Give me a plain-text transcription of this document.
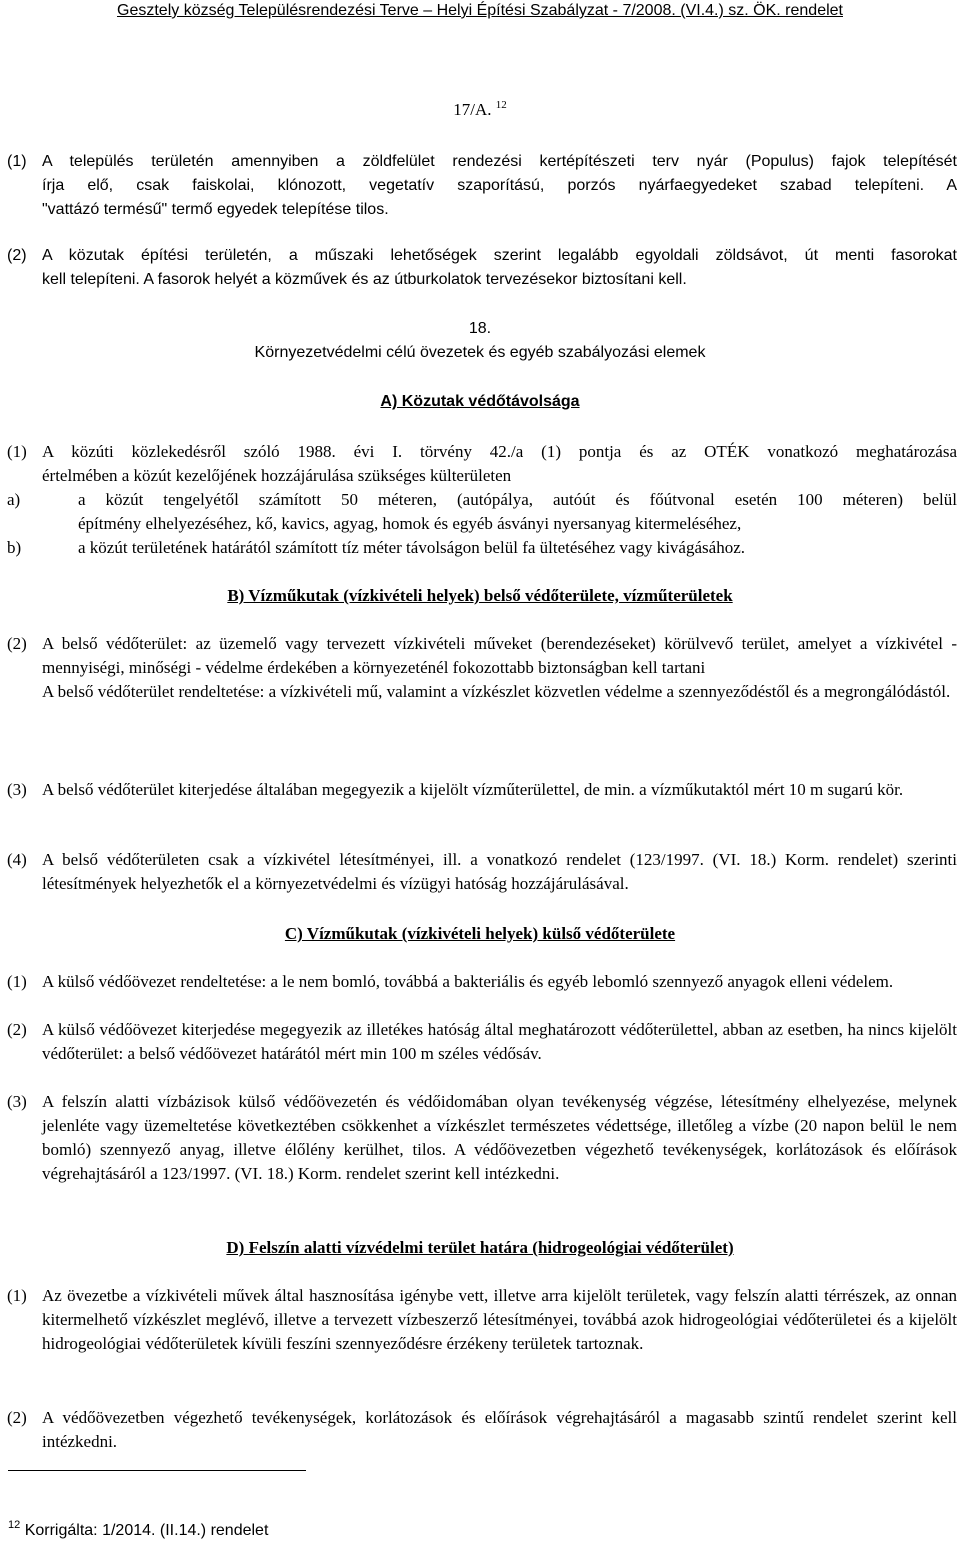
Gesztely község Településrendezési Terve – Helyi Építési Szabályzat - 7/2008. (VI.4.) sz. ÖK. rendelet
17/A. $^{12}$
(1) A település területén amennyiben a zöldfelület rendezési kertépítészeti terv nyár (Populus) fajok telepítését

írja elő, csak faiskolai, klónozott, vegetatív szaporítású, porzós nyárfaegyedeket szabad telepíteni. A

"vattázó termésű" termő egyedek telepítése tilos.

(2) A közutak építési területén, a műszaki lehetőségek szerint legalább egyoldali zöldsávot, út menti fasorokat

kell telepíteni. A fasorok helyét a közművek és az útburkolatok tervezésekor biztosítani kell.

18.
Környezetvédelmi célú övezetek és egyéb szabályozási elemek
A) Közutak védőtávolsága
(1) A közúti közlekedésről szóló 1988. évi I. törvény 42./a (1) pontja és az OTÉK vonatkozó meghatározása

értelmében a közút kezelőjének hozzájárulása szükséges külterületen

a)	a közút tengelyétől számított 50 méteren, (autópálya, autóút és főútvonal esetén 100 méteren) belül

építmény elhelyezéséhez, kő, kavics, agyag, homok és egyéb ásványi nyersanyag kitermeléséhez,

b)	a közút területének határától számított tíz méter távolságon belül fa ültetéséhez vagy kivágásához.

B) Vízműkutak (vízkivételi helyek) belső védőterülete, vízműterületek
(2) A belső védőterület: az üzemelő vagy tervezett vízkivételi műveket (berendezéseket) körülvevő terület, amelyet a vízkivétel - mennyiségi, minőségi - védelme érdekében a környezeténél fokozottabb biztonságban kell tartani

A belső védőterület rendeltetése: a vízkivételi mű, valamint a vízkészlet közvetlen védelme a szennyeződéstől és a megrongálódástól.

(3) A belső védőterület kiterjedése általában megegyezik a kijelölt vízműterülettel, de min. a vízműkutaktól mért 10 m sugarú kör.
(4) A belső védőterületen csak a vízkivétel létesítményei, ill. a vonatkozó rendelet (123/1997. (VI. 18.) Korm. rendelet) szerinti létesítmények helyezhetők el a környezetvédelmi és vízügyi hatóság hozzájárulásával.
C) Vízműkutak (vízkivételi helyek) külső védőterülete
(1) A külső védőövezet rendeltetése: a le nem bomló, továbbá a bakteriális és egyéb lebomló szennyező anyagok elleni védelem.
(2) A külső védőövezet kiterjedése megegyezik az illetékes hatóság által meghatározott védőterülettel, abban az esetben, ha nincs kijelölt védőterület: a belső védőövezet határától mért min 100 m széles védősáv.
(3) A felszín alatti vízbázisok külső védőövezetén és védőidomában olyan tevékenység végzése, létesítmény elhelyezése, melynek jelenléte vagy üzemeltetése következtében csökkenhet a vízkészlet természetes védettsége, illetőleg a vízbe (20 napon belül le nem bomló) szennyező anyag, illetve élőlény kerülhet, tilos. A védőövezetben végezhető tevékenységek, korlátozások és előírások végrehajtásáról a 123/1997. (VI. 18.) Korm. rendelet szerint kell intézkedni.
D) Felszín alatti vízvédelmi terület határa (hidrogeológiai védőterület)
(1) Az övezetbe a vízkivételi művek által hasznosítása igénybe vett, illetve arra kijelölt területek, vagy felszín alatti térrészek, az onnan kitermelhető vízkészlet meglévő, illetve a tervezett vízbeszerző létesítményei, továbbá azok hidrogeológiai védőterületei és a kijelölt hidrogeológiai védőterületek kívüli feszíni szennyeződésre érzékeny területek tartoznak.
(2) A védőövezetben végezhető tevékenységek, korlátozások és előírások végrehajtásáról a magasabb szintű rendelet szerint kell intézkedni.
$^{12}$ Korrigálta: 1/2014. (II.14.) rendelet
